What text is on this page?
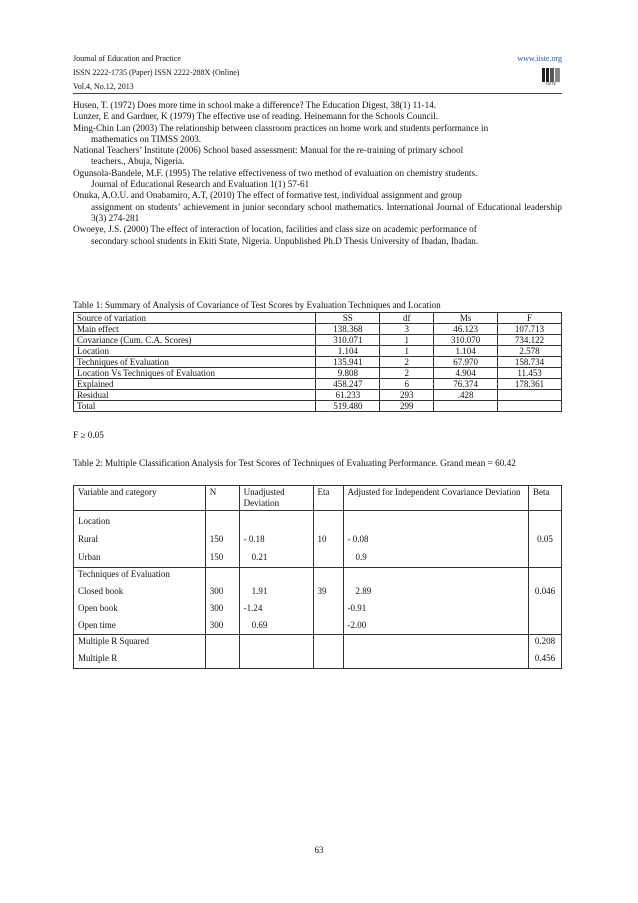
Journal of Education and Practice
ISSN 2222-1735 (Paper) ISSN 2222-288X (Online)
Vol.4, No.12, 2013
www.iiste.org
IISTE

Husen, T. (1972) Does more time in school make a difference? The Education Digest, 38(1) 11-14.

Lunzer, E and Gardner, K (1979) The effective use of reading. Heinemann for the Schools Council.

Ming-Chin Lan (2003) The relationship between classroom practices on home work and students performance in
mathematics on TIMSS 2003.

National Teachers’ Institute (2006) School based assessment: Manual for the re-training of primary school
teachers., Abuja, Nigeria.

Ogunsola-Bandele, M.F. (1995) The relative effectiveness of two method of evaluation on chemistry students.
Journal of Educational Research and Evaluation 1(1) 57-61

Onuka, A.O.U. and Onabamiro, A.T, (2010) The effect of formative test, individual assignment and group
assignment on students’ achievement in junior secondary school mathematics. International Journal of Educational leadership 3(3) 274-281

Owoeye, J.S. (2000) The effect of interaction of location, facilities and class size on academic performance of
secondary school students in Ekiti State, Nigeria. Unpublished Ph.D Thesis University of Ibadan, Ibadan.

Table 1: Summary of Analysis of Covariance of Test Scores by Evaluation Techniques and Location
Source of variation	SS	df	Ms	F
Main effect	138.368	3	46.123	107.713
Covariance (Cum. C.A. Scores)	310.071	1	310.070	734.122
Location	1.104	1	1.104	2.578
Techniques of Evaluation	135.941	2	67.970	158.734
Location Vs Techniques of Evaluation	9.808	2	4.904	11.453
Explained	458.247	6	76.374	178.361
Residual	61.233	293	.428	
Total	519.480	299		
F ≥ 0.05
Table 2: Multiple Classification Analysis for Test Scores of Techniques of Evaluating Performance. Grand mean = 60.42
Variable and category	N	Unadjusted Deviation	Eta	Adjusted for Independent Covariance Deviation	Beta
Location					
Rural	150	- 0.18	10	- 0.08	0.05
Urban	150	0.21		0.9	
Techniques of Evaluation					
Closed book	300	1.91	39	2.89	0.046
Open book	300	-1.24		-0.91	
Open time	300	0.69		-2.00	
Multiple R Squared					0.208
Multiple R					0.456
63
